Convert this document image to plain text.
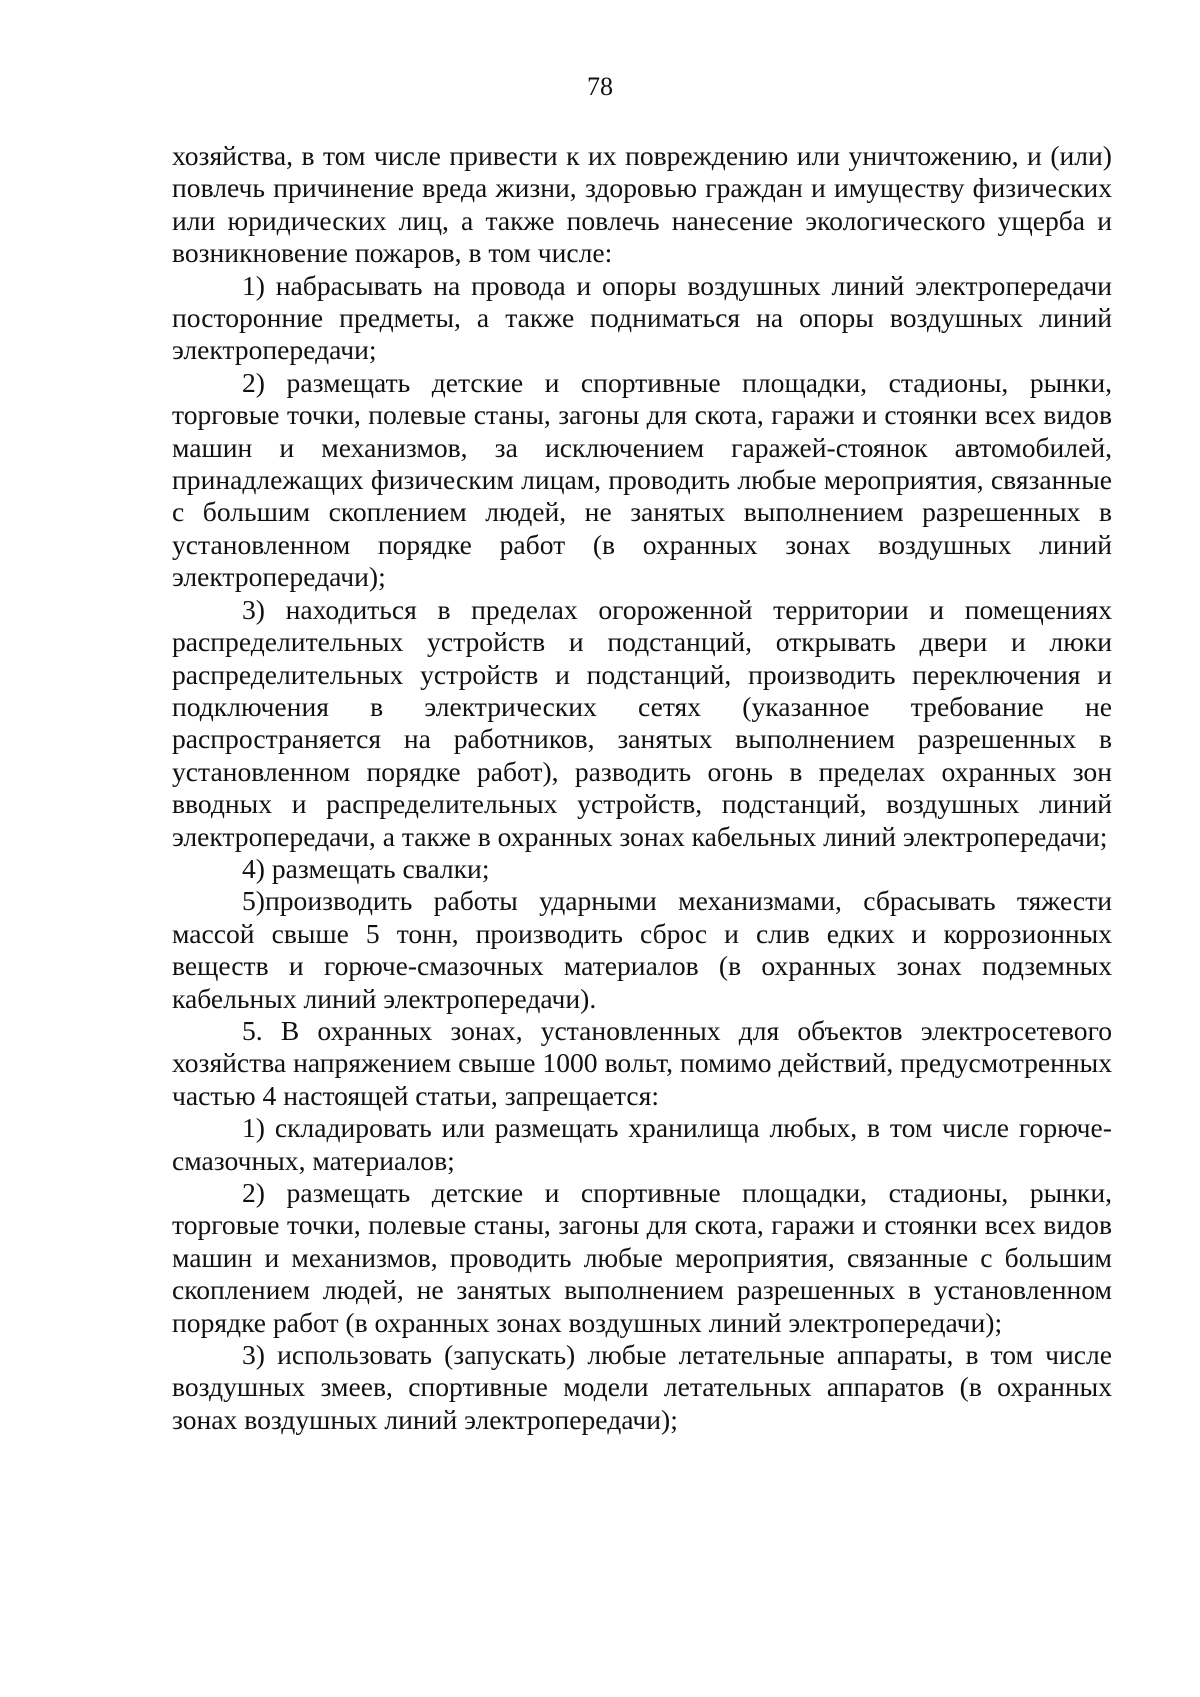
78

хозяйства, в том числе привести к их повреждению или уничтожению, и (или) повлечь причинение вреда жизни, здоровью граждан и имуществу физических или юридических лиц, а также повлечь нанесение экологического ущерба и возникновение пожаров, в том числе:

1) набрасывать на провода и опоры воздушных линий электропередачи посторонние предметы, а также подниматься на опоры воздушных линий электропередачи;

2) размещать детские и спортивные площадки, стадионы, рынки, торговые точки, полевые станы, загоны для скота, гаражи и стоянки всех видов машин и механизмов, за исключением гаражей-стоянок автомобилей, принадлежащих физическим лицам, проводить любые мероприятия, связанные с большим скоплением людей, не занятых выполнением разрешенных в установленном порядке работ (в охранных зонах воздушных линий электропередачи);

3) находиться в пределах огороженной территории и помещениях распределительных устройств и подстанций, открывать двери и люки распределительных устройств и подстанций, производить переключения и подключения в электрических сетях (указанное требование не распространяется на работников, занятых выполнением разрешенных в установленном порядке работ), разводить огонь в пределах охранных зон вводных и распределительных устройств, подстанций, воздушных линий электропередачи, а также в охранных зонах кабельных линий электропередачи;

4) размещать свалки;

5)производить работы ударными механизмами, сбрасывать тяжести массой свыше 5 тонн, производить сброс и слив едких и коррозионных веществ и горюче-смазочных материалов (в охранных зонах подземных кабельных линий электропередачи).

5. В охранных зонах, установленных для объектов электросетевого хозяйства напряжением свыше 1000 вольт, помимо действий, предусмотренных частью 4 настоящей статьи, запрещается:

1) складировать или размещать хранилища любых, в том числе горюче-смазочных, материалов;

2) размещать детские и спортивные площадки, стадионы, рынки, торговые точки, полевые станы, загоны для скота, гаражи и стоянки всех видов машин и механизмов, проводить любые мероприятия, связанные с большим скоплением людей, не занятых выполнением разрешенных в установленном порядке работ (в охранных зонах воздушных линий электропередачи);

3) использовать (запускать) любые летательные аппараты, в том числе воздушных змеев, спортивные модели летательных аппаратов (в охранных зонах воздушных линий электропередачи);
